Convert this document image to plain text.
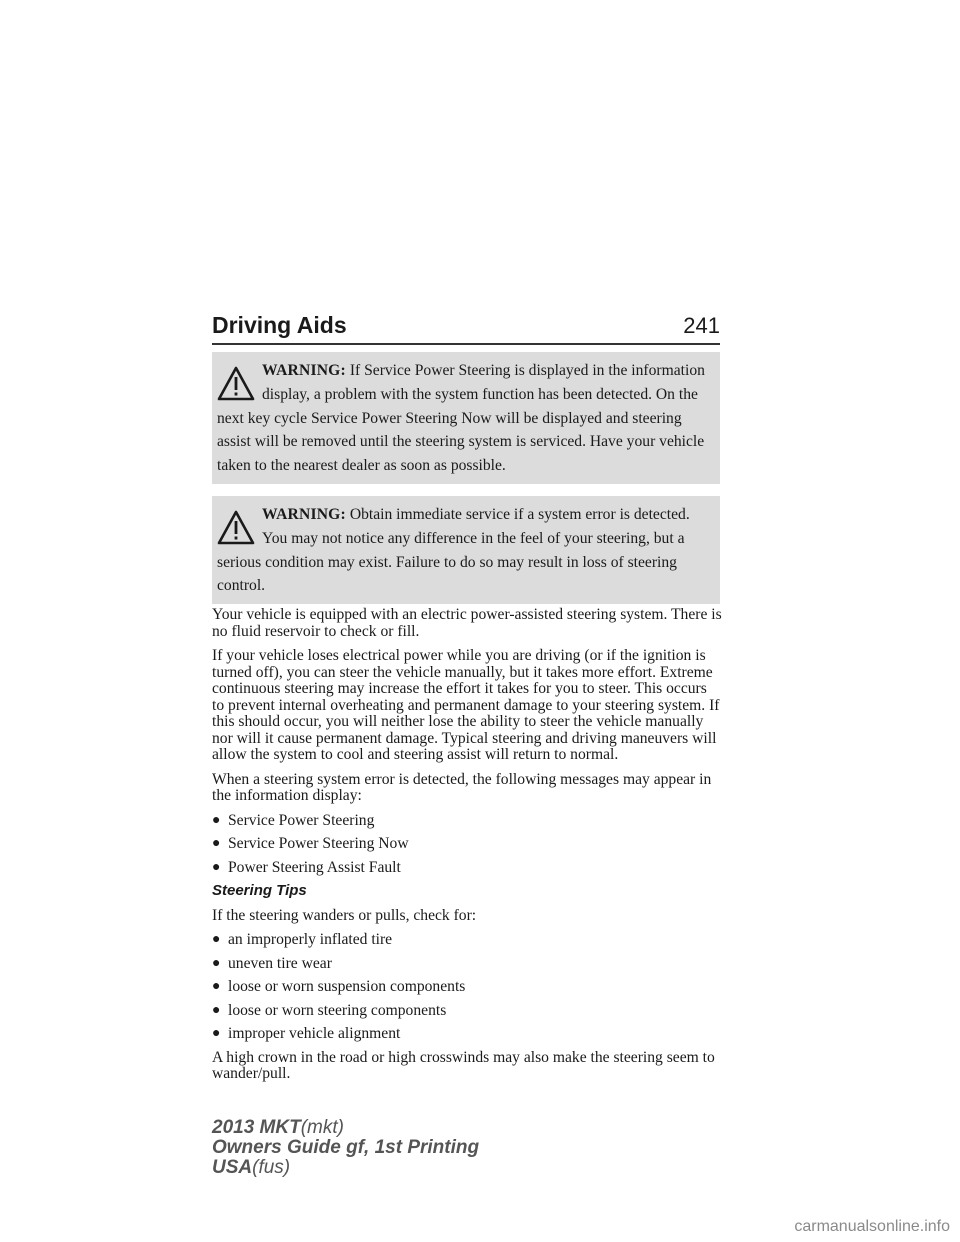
Driving Aids	241

WARNING: If Service Power Steering is displayed in the information display, a problem with the system function has been detected. On the next key cycle Service Power Steering Now will be displayed and steering assist will be removed until the steering system is serviced. Have your vehicle taken to the nearest dealer as soon as possible.

WARNING: Obtain immediate service if a system error is detected. You may not notice any difference in the feel of your steering, but a serious condition may exist. Failure to do so may result in loss of steering control.

Your vehicle is equipped with an electric power-assisted steering system. There is no fluid reservoir to check or fill.

If your vehicle loses electrical power while you are driving (or if the ignition is turned off), you can steer the vehicle manually, but it takes more effort. Extreme continuous steering may increase the effort it takes for you to steer. This occurs to prevent internal overheating and permanent damage to your steering system. If this should occur, you will neither lose the ability to steer the vehicle manually nor will it cause permanent damage. Typical steering and driving maneuvers will allow the system to cool and steering assist will return to normal.

When a steering system error is detected, the following messages may appear in the information display:

● Service Power Steering
● Service Power Steering Now
● Power Steering Assist Fault
Steering Tips

If the steering wanders or pulls, check for:

● an improperly inflated tire
● uneven tire wear
● loose or worn suspension components
● loose or worn steering components
● improper vehicle alignment

A high crown in the road or high crosswinds may also make the steering seem to wander/pull.

2013 MKT(mkt)
Owners Guide gf, 1st Printing
USA(fus)
carmanualsonline.info
